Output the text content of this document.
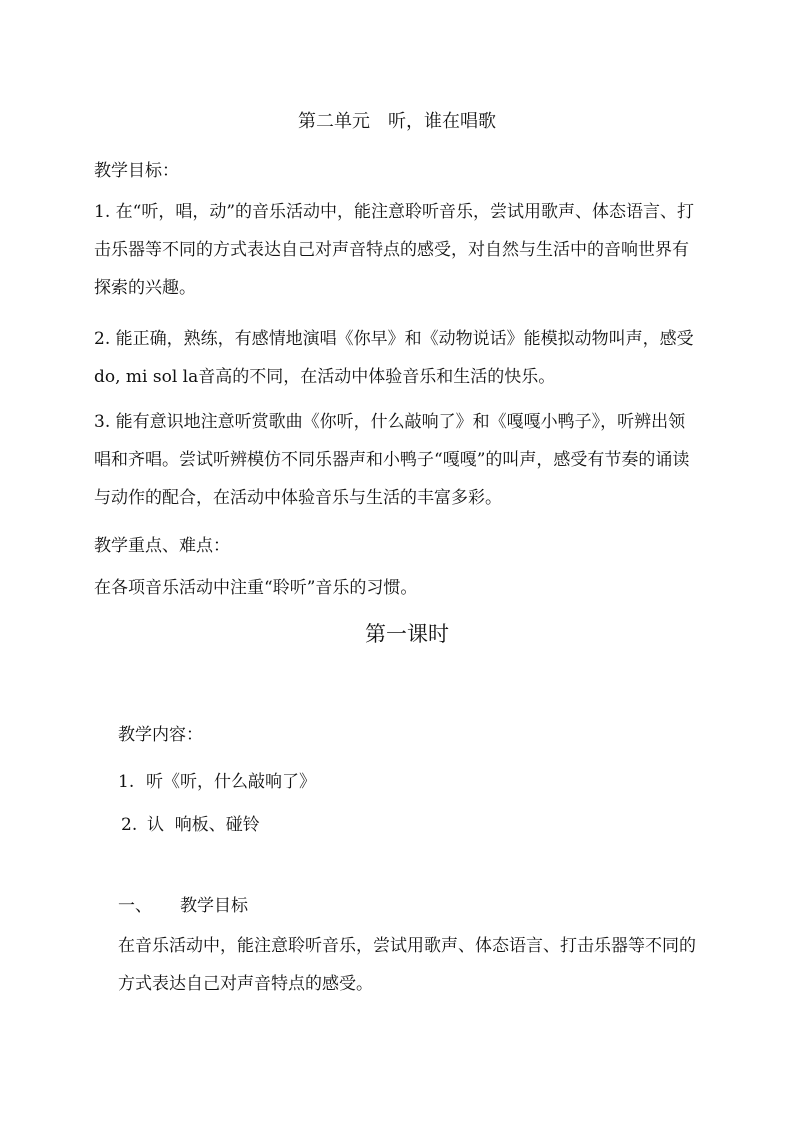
第二单元　听，谁在唱歌
教学目标：
1. 在“听，唱，动”的音乐活动中，能注意聆听音乐，尝试用歌声、体态语言、打击乐器等不同的方式表达自己对声音特点的感受，对自然与生活中的音响世界有探索的兴趣。
2. 能正确，熟练，有感情地演唱《你早》和《动物说话》能模拟动物叫声，感受do, mi sol la音高的不同，在活动中体验音乐和生活的快乐。
3. 能有意识地注意听赏歌曲《你听，什么敲响了》和《嘎嘎小鸭子》，听辨出领唱和齐唱。尝试听辨模仿不同乐器声和小鸭子“嘎嘎”的叫声，感受有节奏的诵读与动作的配合，在活动中体验音乐与生活的丰富多彩。
教学重点、难点：
在各项音乐活动中注重“聆听”音乐的习惯。
第一课时
教学内容：
1. 听《听，什么敲响了》
2. 认  响板、碰铃
一、 教学目标
在音乐活动中，能注意聆听音乐，尝试用歌声、体态语言、打击乐器等不同的方式表达自己对声音特点的感受。
